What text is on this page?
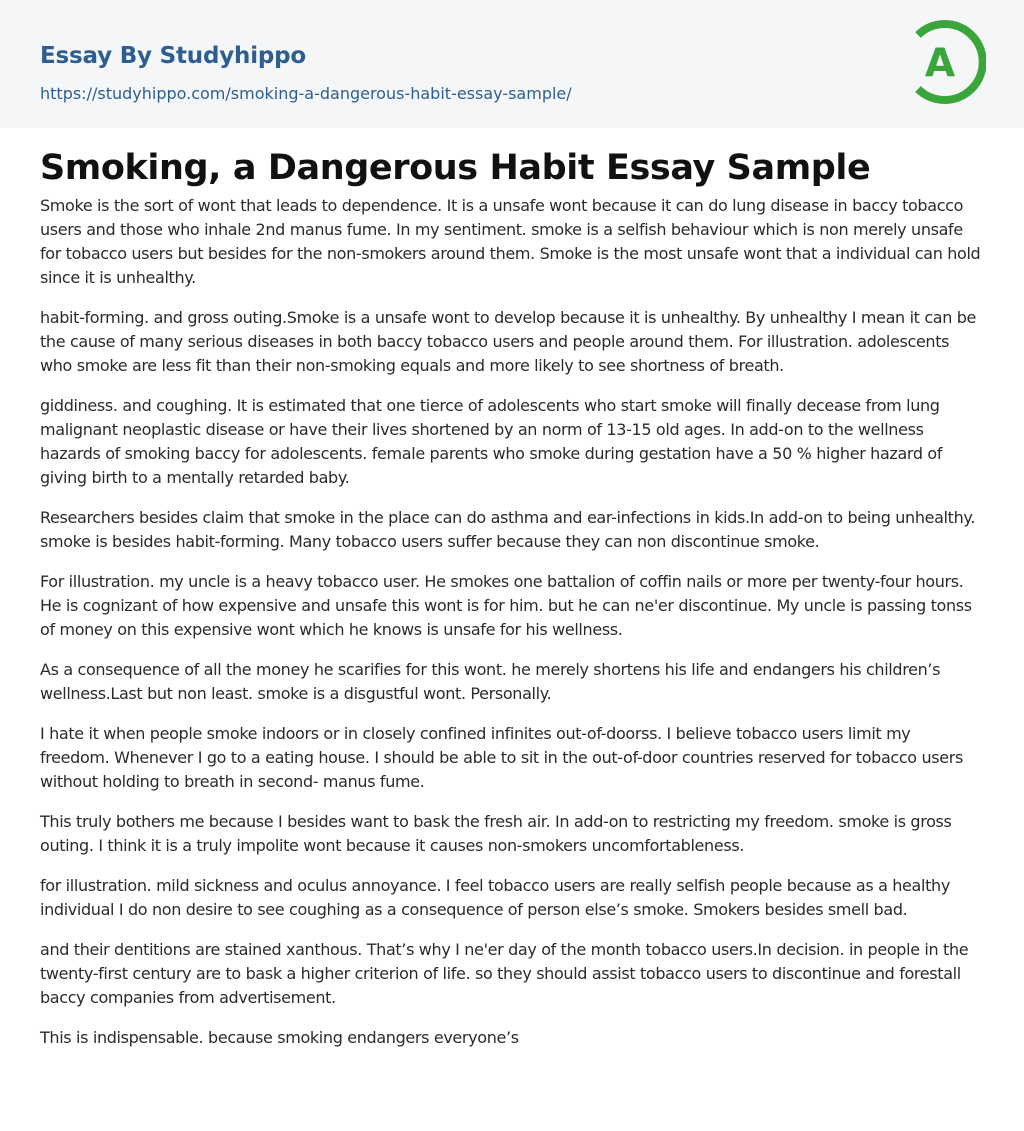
Essay By Studyhippo
https://studyhippo.com/smoking-a-dangerous-habit-essay-sample/
A
Smoking, a Dangerous Habit Essay Sample

Smoke is the sort of wont that leads to dependence. It is a unsafe wont because it can do lung disease in baccy tobacco users and those who inhale 2nd manus fume. In my sentiment. smoke is a selfish behaviour which is non merely unsafe for tobacco users but besides for the non-smokers around them. Smoke is the most unsafe wont that a individual can hold since it is unhealthy.

habit-forming. and gross outing.Smoke is a unsafe wont to develop because it is unhealthy. By unhealthy I mean it can be the cause of many serious diseases in both baccy tobacco users and people around them. For illustration. adolescents who smoke are less fit than their non-smoking equals and more likely to see shortness of breath.

giddiness. and coughing. It is estimated that one tierce of adolescents who start smoke will finally decease from lung malignant neoplastic disease or have their lives shortened by an norm of 13-15 old ages. In add-on to the wellness hazards of smoking baccy for adolescents. female parents who smoke during gestation have a 50 % higher hazard of giving birth to a mentally retarded baby.

Researchers besides claim that smoke in the place can do asthma and ear-infections in kids.In add-on to being unhealthy. smoke is besides habit-forming. Many tobacco users suffer because they can non discontinue smoke.

For illustration. my uncle is a heavy tobacco user. He smokes one battalion of coffin nails or more per twenty-four hours. He is cognizant of how expensive and unsafe this wont is for him. but he can ne'er discontinue. My uncle is passing tonss of money on this expensive wont which he knows is unsafe for his wellness.

As a consequence of all the money he scarifies for this wont. he merely shortens his life and endangers his children’s wellness.Last but non least. smoke is a disgustful wont. Personally.

I hate it when people smoke indoors or in closely confined infinites out-of-doorss. I believe tobacco users limit my freedom. Whenever I go to a eating house. I should be able to sit in the out-of-door countries reserved for tobacco users without holding to breath in second- manus fume.

This truly bothers me because I besides want to bask the fresh air. In add-on to restricting my freedom. smoke is gross outing. I think it is a truly impolite wont because it causes non-smokers uncomfortableness.

for illustration. mild sickness and oculus annoyance. I feel tobacco users are really selfish people because as a healthy individual I do non desire to see coughing as a consequence of person else’s smoke. Smokers besides smell bad.

and their dentitions are stained xanthous. That’s why I ne'er day of the month tobacco users.In decision. in people in the twenty-first century are to bask a higher criterion of life. so they should assist tobacco users to discontinue and forestall baccy companies from advertisement.

This is indispensable. because smoking endangers everyone’s
